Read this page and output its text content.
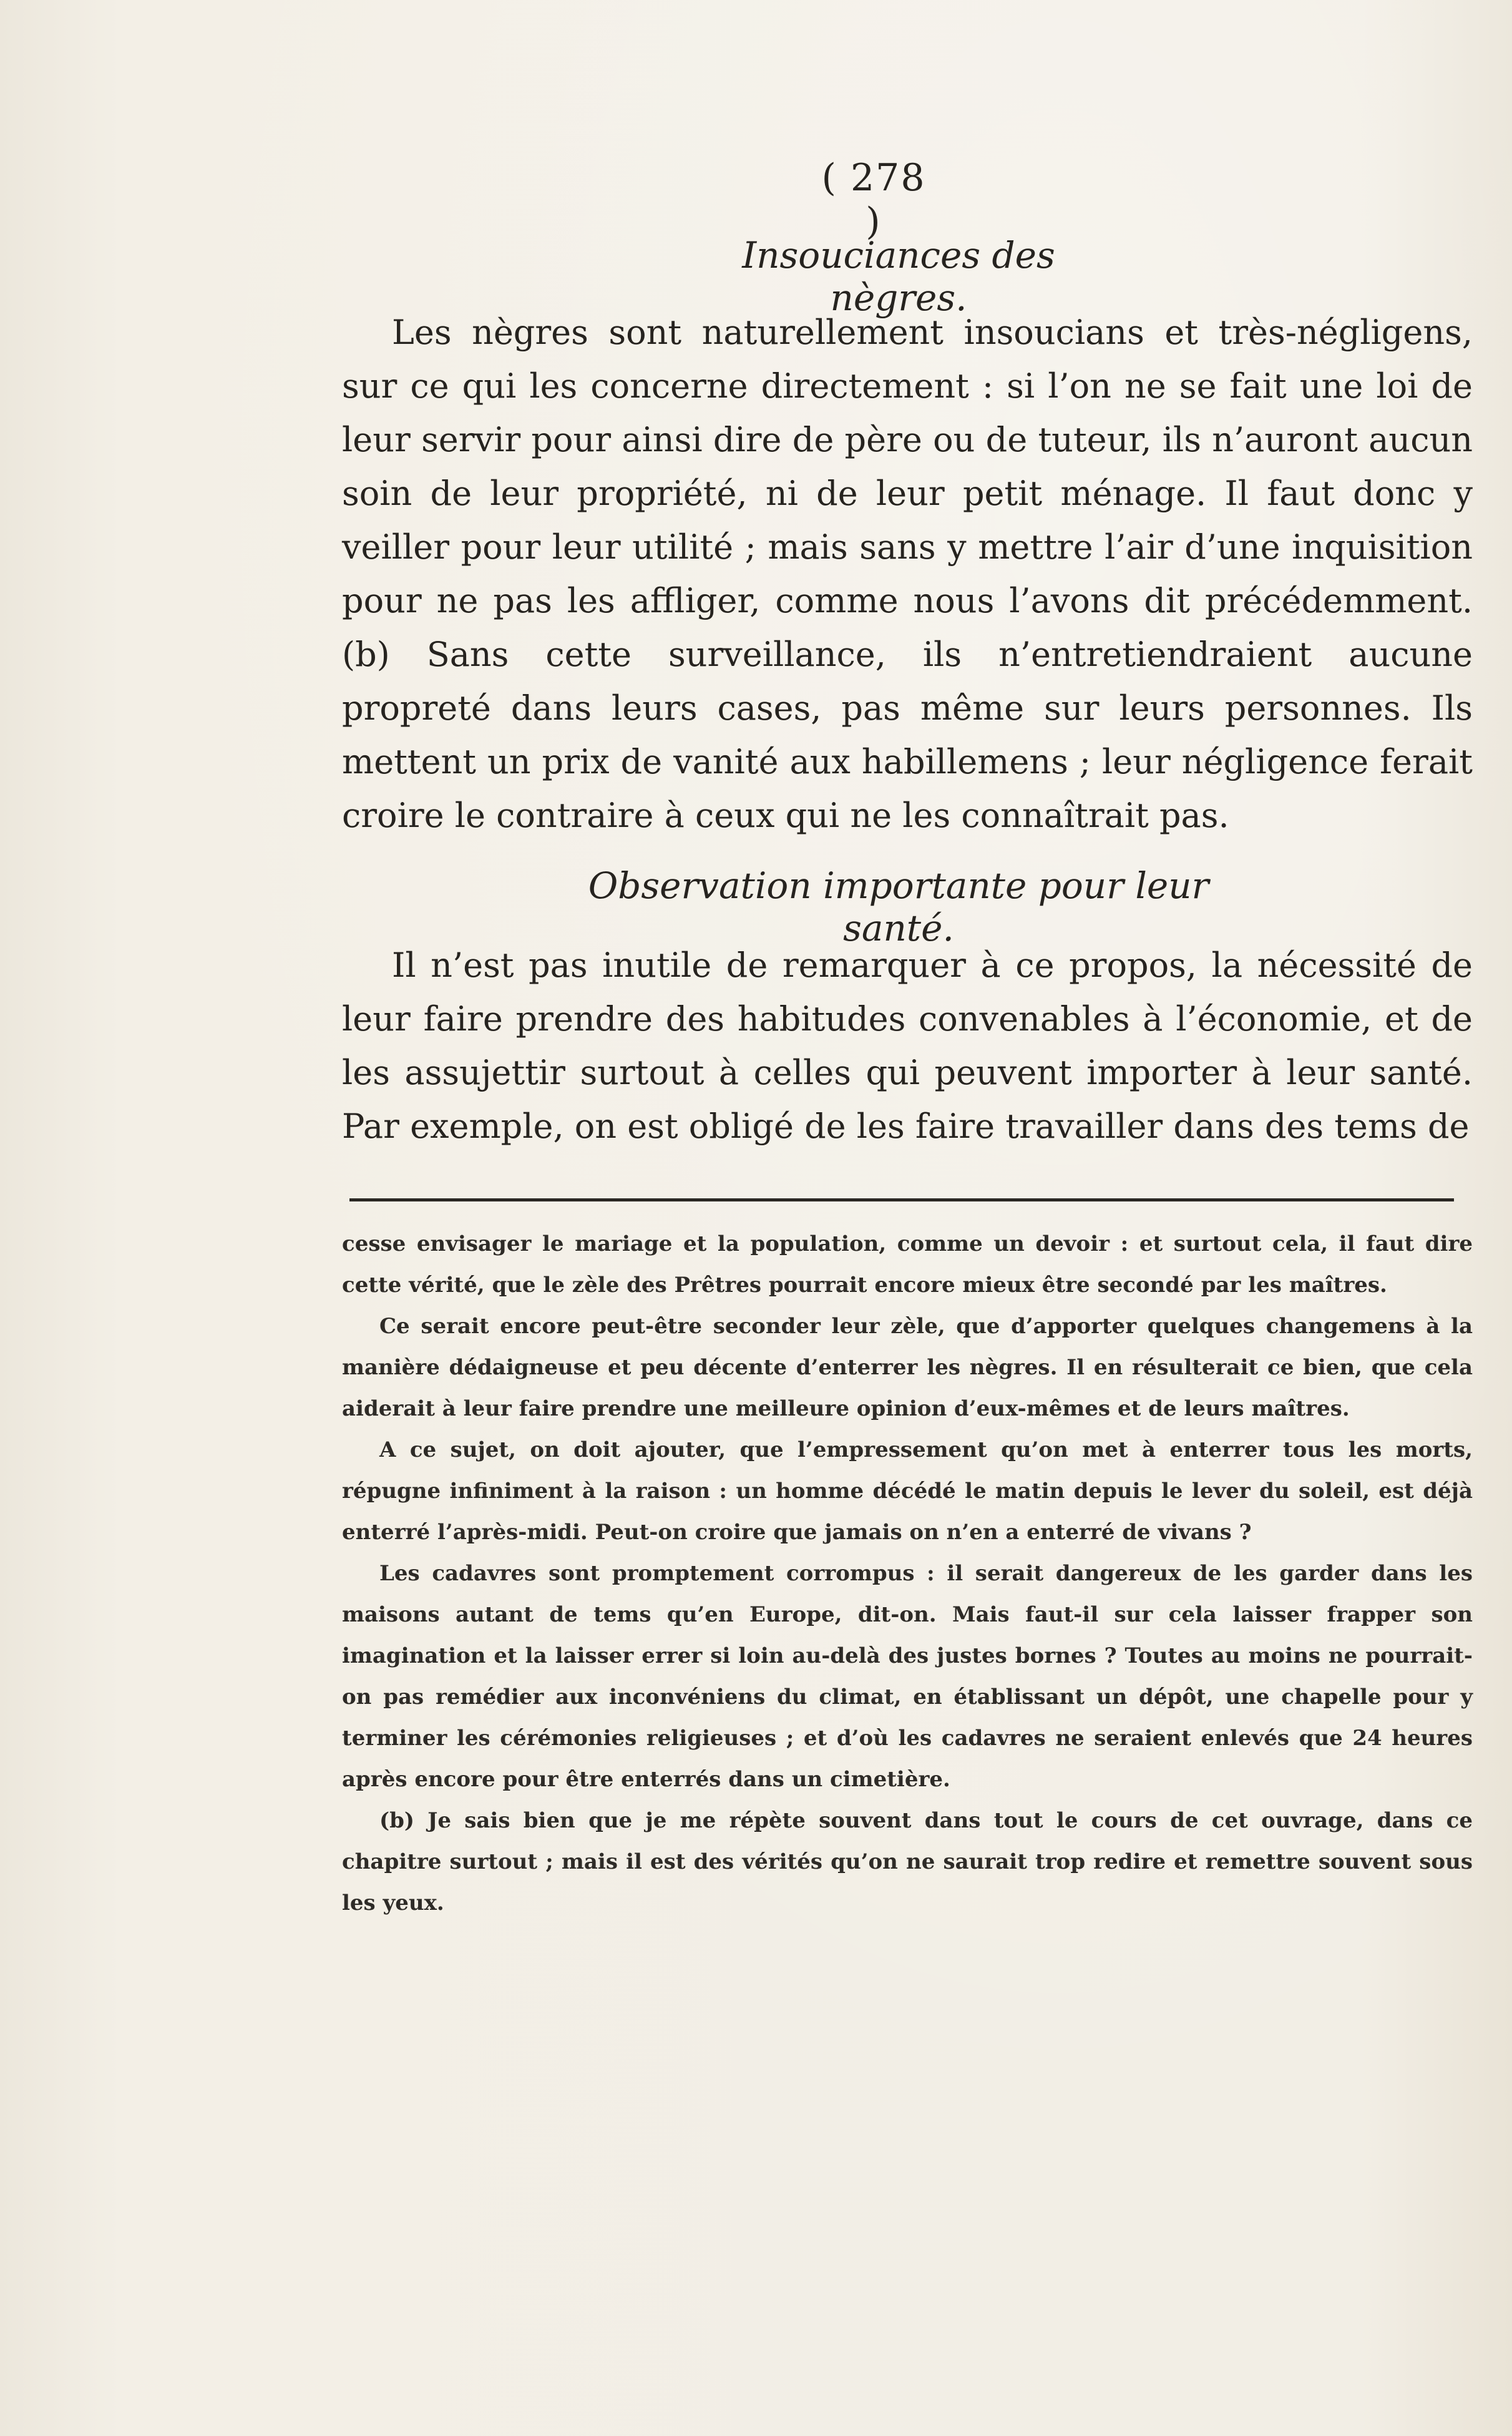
( 278 )
Insouciances des nègres.

Les nègres sont naturellement insoucians et très-négligens, sur ce qui les concerne directement : si l’on ne se fait une loi de leur servir pour ainsi dire de père ou de tuteur, ils n’auront aucun soin de leur propriété, ni de leur petit ménage. Il faut donc y veiller pour leur utilité ; mais sans y mettre l’air d’une inquisition pour ne pas les affliger, comme nous l’avons dit précédemment. (b) Sans cette surveillance, ils n’entretiendraient aucune propreté dans leurs cases, pas même sur leurs personnes. Ils mettent un prix de vanité aux habillemens ; leur négligence ferait croire le contraire à ceux qui ne les connaîtrait pas.

Observation importante pour leur santé.

Il n’est pas inutile de remarquer à ce propos, la nécessité de leur faire prendre des habitudes convenables à l’économie, et de les assujettir surtout à celles qui peuvent importer à leur santé. Par exemple, on est obligé de les faire travailler dans des tems de

cesse envisager le mariage et la population, comme un devoir : et surtout cela, il faut dire cette vérité, que le zèle des Prêtres pourrait encore mieux être secondé par les maîtres.

Ce serait encore peut-être seconder leur zèle, que d’apporter quelques changemens à la manière dédaigneuse et peu décente d’enterrer les nègres. Il en résulterait ce bien, que cela aiderait à leur faire prendre une meilleure opinion d’eux-mêmes et de leurs maîtres.

A ce sujet, on doit ajouter, que l’empressement qu’on met à enterrer tous les morts, répugne infiniment à la raison : un homme décédé le matin depuis le lever du soleil, est déjà enterré l’après-midi. Peut-on croire que jamais on n’en a enterré de vivans ?

Les cadavres sont promptement corrompus : il serait dangereux de les garder dans les maisons autant de tems qu’en Europe, dit-on. Mais faut-il sur cela laisser frapper son imagination et la laisser errer si loin au-delà des justes bornes ? Toutes au moins ne pourrait-on pas remédier aux inconvéniens du climat, en établissant un dépôt, une chapelle pour y terminer les cérémonies religieuses ; et d’où les cadavres ne seraient enlevés que 24 heures après encore pour être enterrés dans un cimetière.

(b) Je sais bien que je me répète souvent dans tout le cours de cet ouvrage, dans ce chapitre surtout ; mais il est des vérités qu’on ne saurait trop redire et remettre souvent sous les yeux.
